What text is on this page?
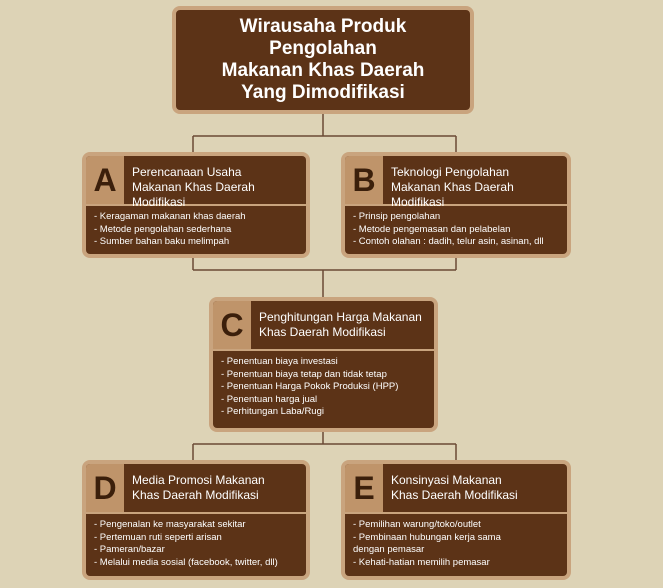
Wirausaha Produk Pengolahan
Makanan Khas Daerah
Yang Dimodifikasi
A	Perencanaan Usaha
Makanan Khas Daerah Modifikasi
- Keragaman makanan khas daerah
- Metode pengolahan sederhana
- Sumber bahan baku melimpah
B	Teknologi Pengolahan
Makanan Khas Daerah Modifikasi
- Prinsip pengolahan
- Metode pengemasan dan pelabelan
- Contoh olahan : dadih, telur asin, asinan, dll
C	Penghitungan Harga Makanan
Khas Daerah Modifikasi
- Penentuan biaya investasi
- Penentuan biaya tetap dan tidak tetap
- Penentuan Harga Pokok Produksi (HPP)
- Penentuan harga jual
- Perhitungan Laba/Rugi
D	Media Promosi Makanan
Khas Daerah Modifikasi
- Pengenalan ke masyarakat sekitar
- Pertemuan ruti seperti arisan
- Pameran/bazar
- Melalui media sosial (facebook, twitter, dll)
E	Konsinyasi Makanan
Khas Daerah Modifikasi
- Pemilihan warung/toko/outlet
- Pembinaan hubungan kerja sama
dengan pemasar
- Kehati-hatian memilih pemasar
